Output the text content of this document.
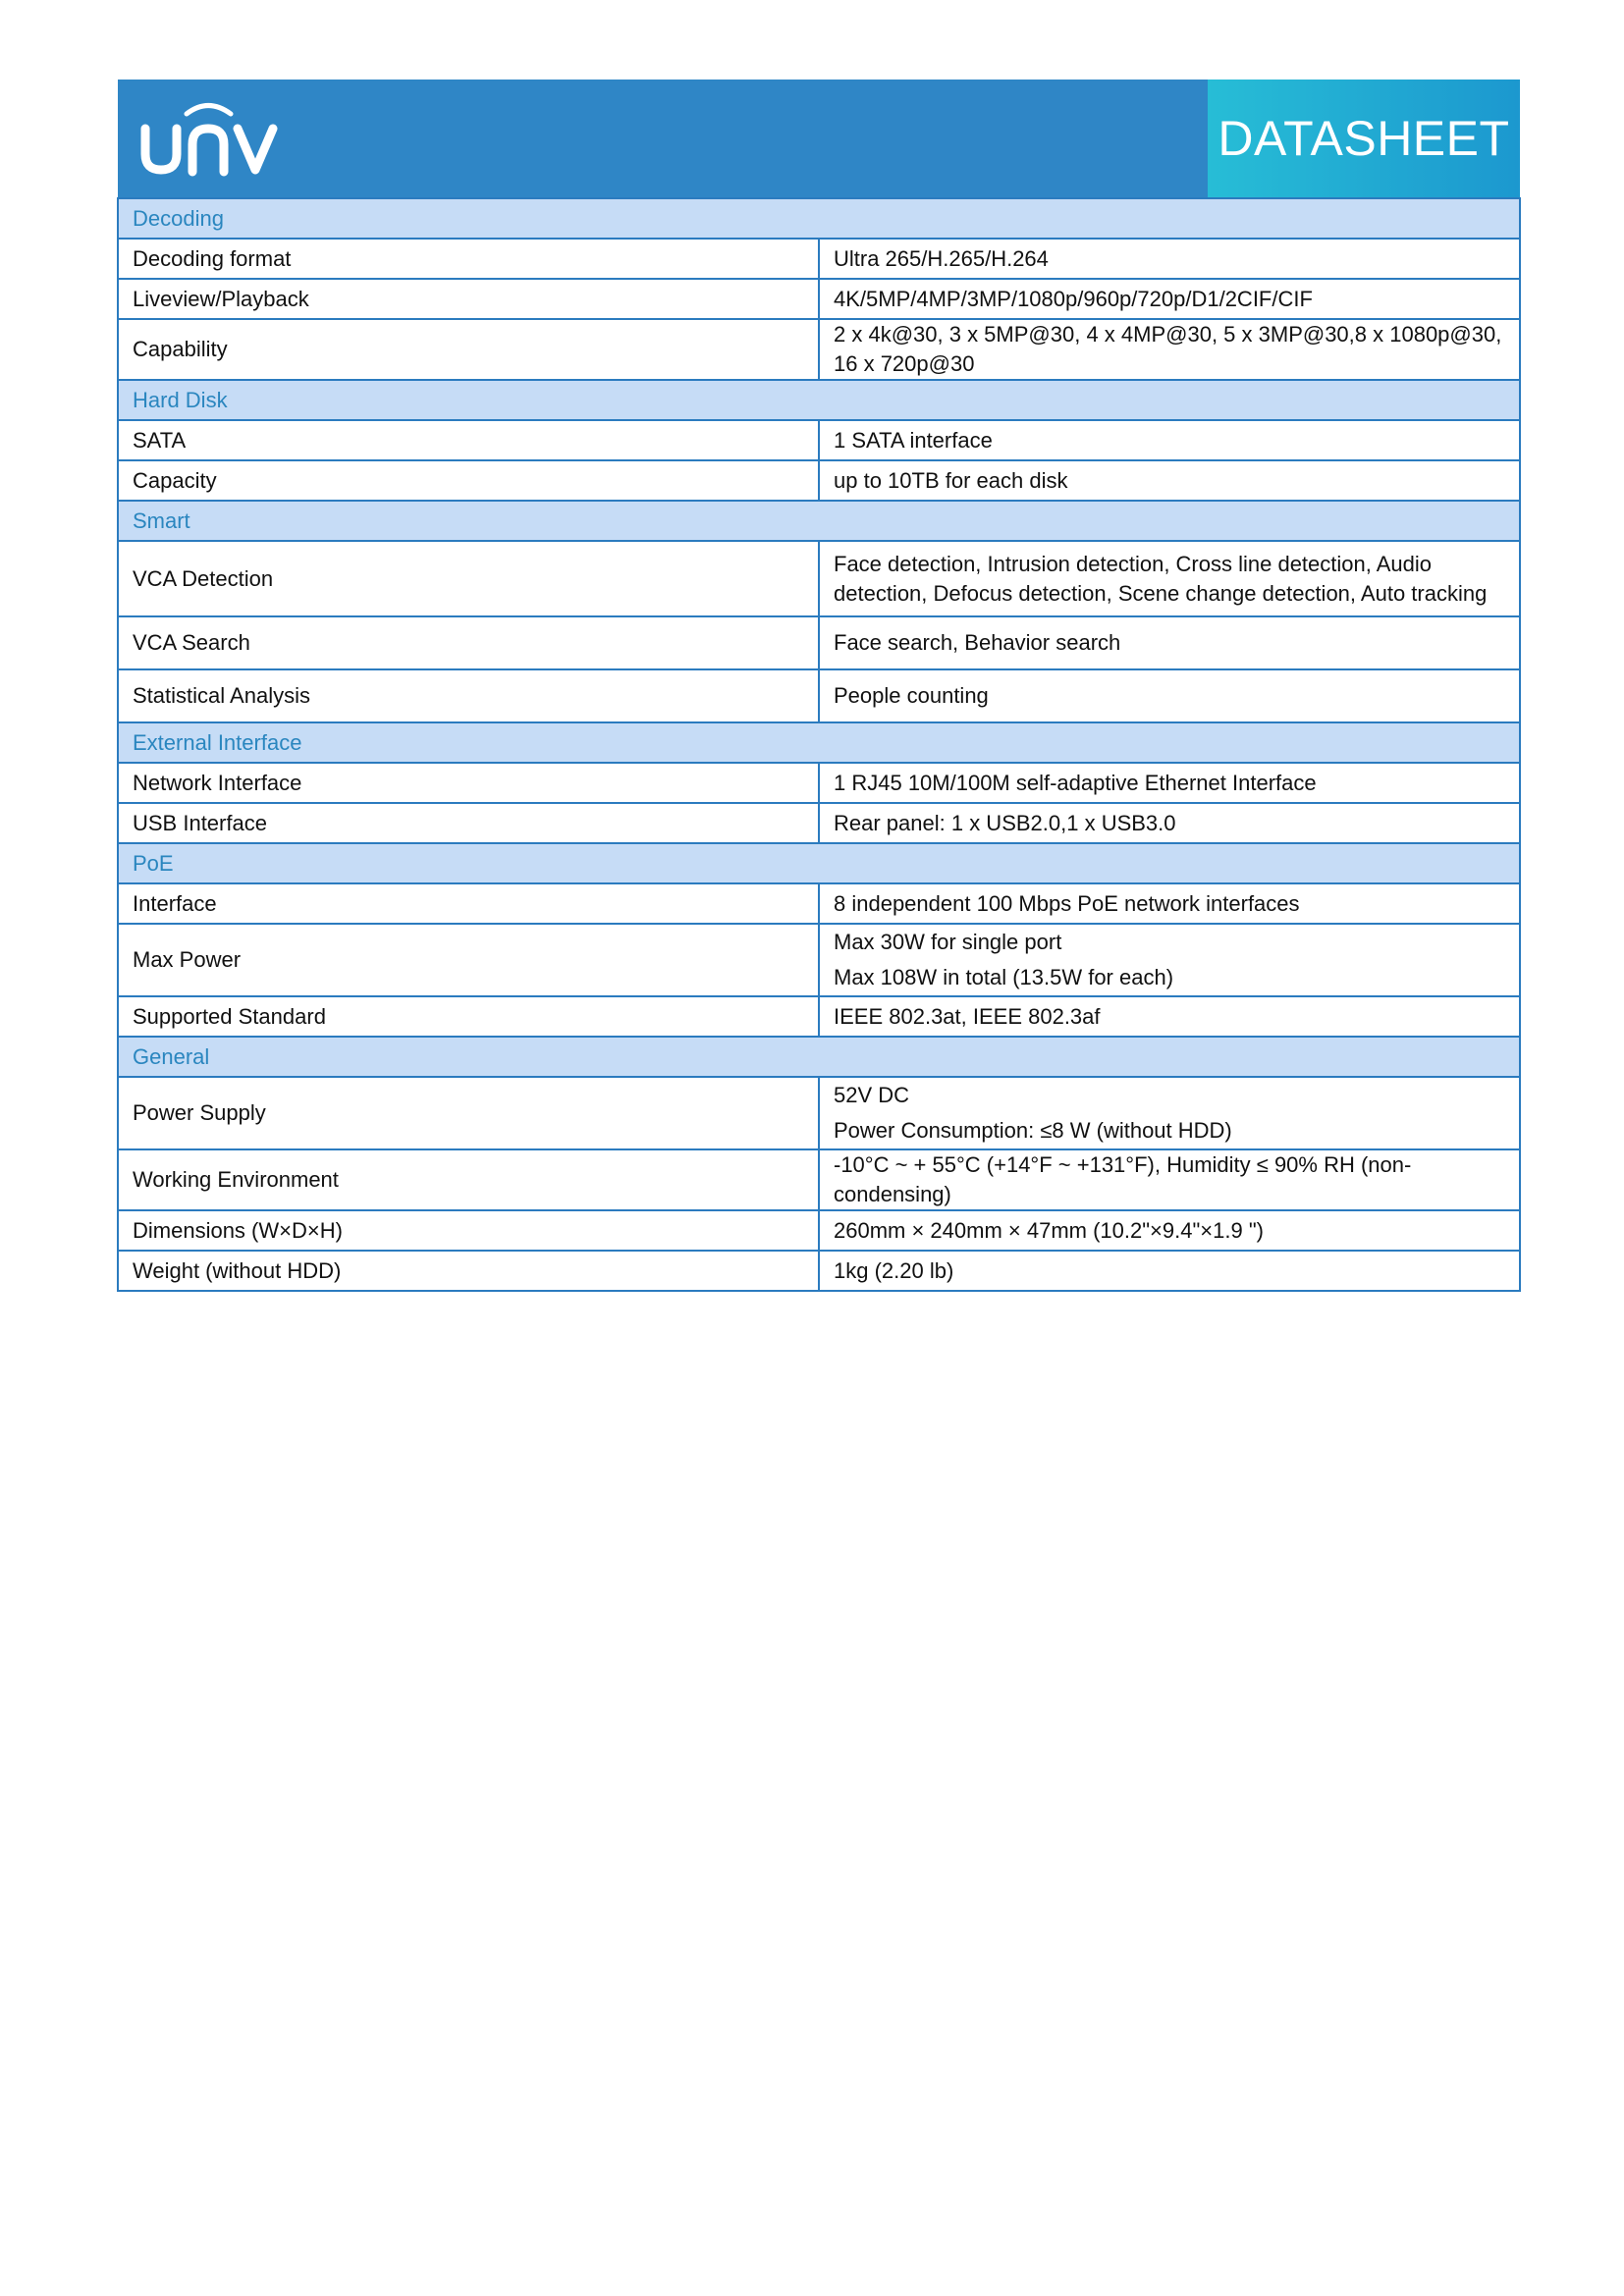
DATASHEET
Decoding	
Decoding format	Ultra 265/H.265/H.264
Liveview/Playback	4K/5MP/4MP/3MP/1080p/960p/720p/D1/2CIF/CIF
Capability	2 x 4k@30, 3 x 5MP@30, 4 x 4MP@30, 5 x 3MP@30,8 x 1080p@30, 16 x 720p@30
Hard Disk	
SATA	1 SATA interface
Capacity	up to 10TB for each disk
Smart	
VCA Detection	Face detection, Intrusion detection, Cross line detection, Audio detection, Defocus detection, Scene change detection, Auto tracking
VCA Search	Face search, Behavior search
Statistical Analysis	People counting
External Interface	
Network Interface	1 RJ45 10M/100M self-adaptive Ethernet Interface
USB Interface	Rear panel: 1 x USB2.0,1 x USB3.0
PoE	
Interface	8 independent 100 Mbps PoE network interfaces
Max Power	Max 30W for single port
Max 108W in total (13.5W for each)

Supported Standard	IEEE 802.3at, IEEE 802.3af
General	
Power Supply	52V DC
Power Consumption: ≤8 W (without HDD)

Working Environment	-10°C ~ + 55°C (+14°F ~ +131°F), Humidity ≤ 90% RH (non-condensing)
Dimensions (W×D×H)	260mm × 240mm × 47mm (10.2"×9.4"×1.9 ")
Weight (without HDD)	1kg (2.20 lb)
